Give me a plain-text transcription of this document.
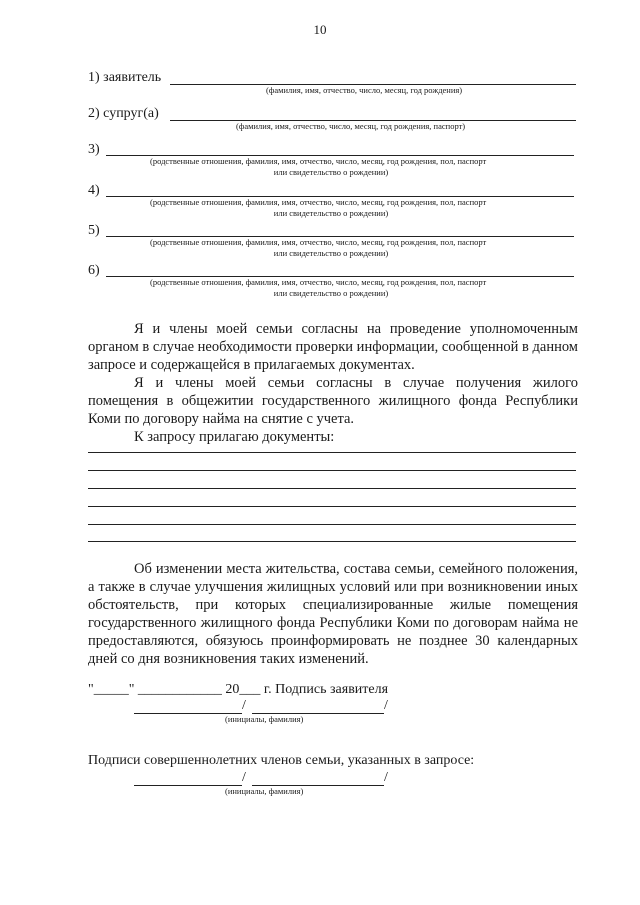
10
1) заявитель
(фамилия, имя, отчество, число, месяц, год рождения)
2) супруг(а)
(фамилия, имя, отчество, число, месяц, год рождения, паспорт)
3)
(родственные отношения, фамилия, имя, отчество, число, месяц, год рождения, пол, паспорт
или свидетельство о рождении)
4)
(родственные отношения, фамилия, имя, отчество, число, месяц, год рождения, пол, паспорт
или свидетельство о рождении)
5)
(родственные отношения, фамилия, имя, отчество, число, месяц, год рождения, пол, паспорт
или свидетельство о рождении)
6)
(родственные отношения, фамилия, имя, отчество, число, месяц, год рождения, пол, паспорт
или свидетельство о рождении)

Я и члены моей семьи согласны на проведение уполномоченным органом в случае необходимости проверки информации, сообщенной в данном запросе и содержащейся в прилагаемых документах.

Я и члены моей семьи согласны в случае получения жилого помещения в общежитии государственного жилищного фонда Республики Коми по договору найма на снятие с учета.

К запросу прилагаю документы:

Об изменении места жительства, состава семьи, семейного положения, а также в случае улучшения жилищных условий или при возникновении иных обстоятельств, при которых специализированные жилые помещения государственного жилищного фонда Республики Коми по договорам найма не предоставляются, обязуюсь проинформировать не позднее 30 календарных дней со дня возникновения таких изменений.

"_____" ____________ 20___ г. Подпись заявителя
/	/
(инициалы, фамилия)
Подписи совершеннолетних членов семьи, указанных в запросе:
/	/
(инициалы, фамилия)
